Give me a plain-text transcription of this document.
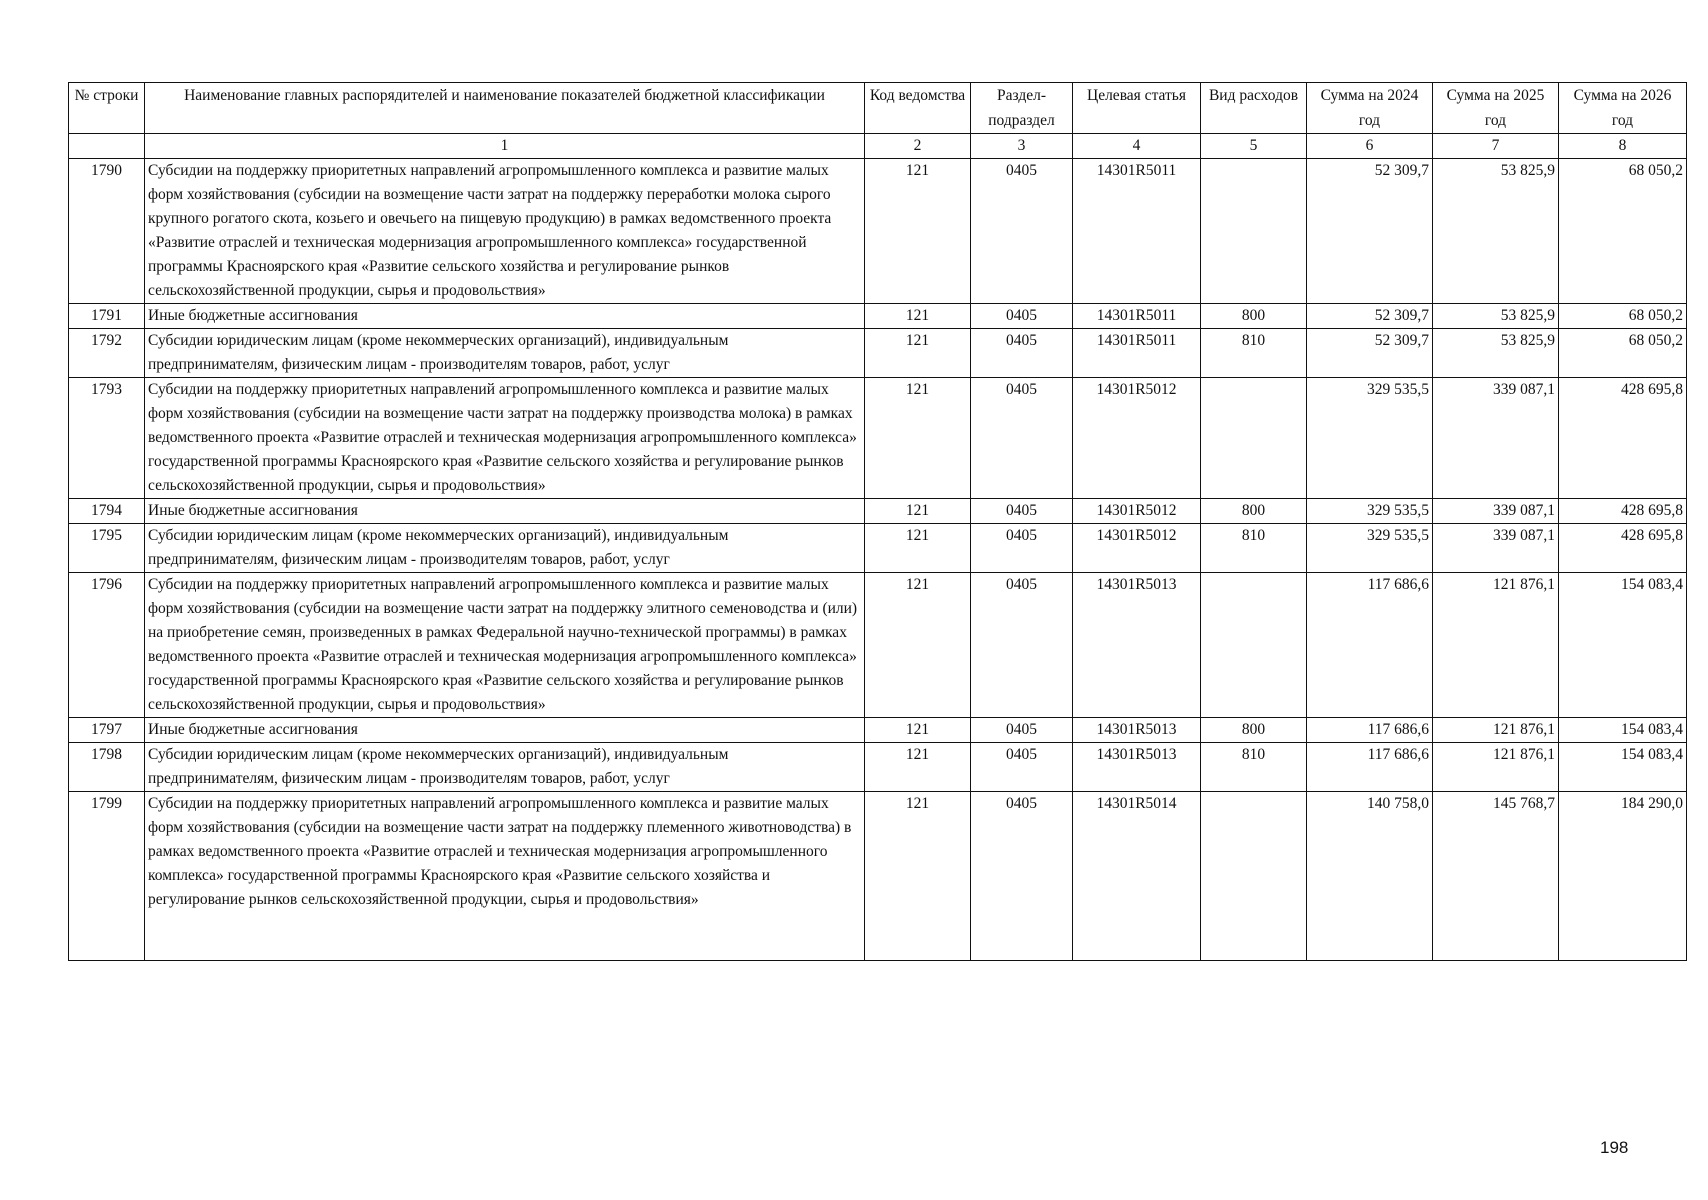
№ строки	Наименование главных распорядителей и наименование показателей бюджетной классификации	Код ведомства	Раздел-подраздел	Целевая статья	Вид расходов	Сумма на 2024 год	Сумма на 2025 год	Сумма на 2026 год
	1	2	3	4	5	6	7	8
1790	Субсидии на поддержку приоритетных направлений агропромышленного комплекса и развитие малых форм хозяйствования (субсидии на возмещение части затрат на поддержку переработки молока сырого крупного рогатого скота, козьего и овечьего на пищевую продукцию) в рамках ведомственного проекта «Развитие отраслей и техническая модернизация агропромышленного комплекса» государственной программы Красноярского края «Развитие сельского хозяйства и регулирование рынков сельскохозяйственной продукции, сырья и продовольствия»	121	0405	14301R5011		52 309,7	53 825,9	68 050,2
1791	Иные бюджетные ассигнования	121	0405	14301R5011	800	52 309,7	53 825,9	68 050,2
1792	Субсидии юридическим лицам (кроме некоммерческих организаций), индивидуальным предпринимателям, физическим лицам - производителям товаров, работ, услуг	121	0405	14301R5011	810	52 309,7	53 825,9	68 050,2
1793	Субсидии на поддержку приоритетных направлений агропромышленного комплекса и развитие малых форм хозяйствования (субсидии на возмещение части затрат на поддержку производства молока) в рамках ведомственного проекта «Развитие отраслей и техническая модернизация агропромышленного комплекса» государственной программы Красноярского края «Развитие сельского хозяйства и регулирование рынков сельскохозяйственной продукции, сырья и продовольствия»	121	0405	14301R5012		329 535,5	339 087,1	428 695,8
1794	Иные бюджетные ассигнования	121	0405	14301R5012	800	329 535,5	339 087,1	428 695,8
1795	Субсидии юридическим лицам (кроме некоммерческих организаций), индивидуальным предпринимателям, физическим лицам - производителям товаров, работ, услуг	121	0405	14301R5012	810	329 535,5	339 087,1	428 695,8
1796	Субсидии на поддержку приоритетных направлений агропромышленного комплекса и развитие малых форм хозяйствования (субсидии на возмещение части затрат на поддержку элитного семеноводства и (или) на приобретение семян, произведенных в рамках Федеральной научно-технической программы) в рамках ведомственного проекта «Развитие отраслей и техническая модернизация агропромышленного комплекса» государственной программы Красноярского края «Развитие сельского хозяйства и регулирование рынков сельскохозяйственной продукции, сырья и продовольствия»	121	0405	14301R5013		117 686,6	121 876,1	154 083,4
1797	Иные бюджетные ассигнования	121	0405	14301R5013	800	117 686,6	121 876,1	154 083,4
1798	Субсидии юридическим лицам (кроме некоммерческих организаций), индивидуальным предпринимателям, физическим лицам - производителям товаров, работ, услуг	121	0405	14301R5013	810	117 686,6	121 876,1	154 083,4
1799	Субсидии на поддержку приоритетных направлений агропромышленного комплекса и развитие малых форм хозяйствования (субсидии на возмещение части затрат на поддержку племенного животноводства) в рамках ведомственного проекта «Развитие отраслей и техническая модернизация агропромышленного комплекса» государственной программы Красноярского края «Развитие сельского хозяйства и регулирование рынков сельскохозяйственной продукции, сырья и продовольствия»	121	0405	14301R5014		140 758,0	145 768,7	184 290,0
198
